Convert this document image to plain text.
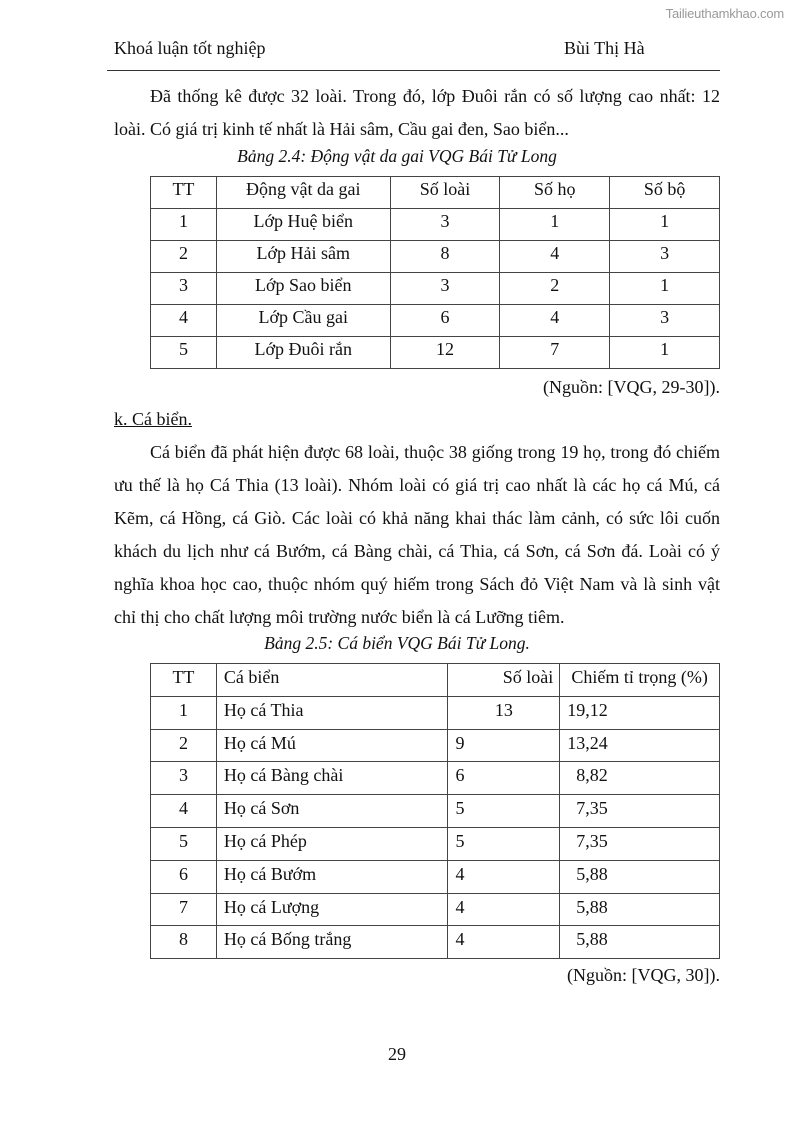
Tailieuthamkhao.com
Khoá luận tốt nghiệp	Bùi Thị Hà
Đã thống kê được 32 loài. Trong đó, lớp Đuôi rắn có số lượng cao nhất: 12 loài. Có giá trị kinh tế nhất là Hải sâm, Cầu gai đen, Sao biển...
Bảng 2.4: Động vật da gai VQG Bái Tử Long
TT	Động vật da gai	Số loài	Số họ	Số bộ
1	Lớp Huệ biển	3	1	1
2	Lớp Hải sâm	8	4	3
3	Lớp Sao biển	3	2	1
4	Lớp Cầu gai	6	4	3
5	Lớp Đuôi rắn	12	7	1
(Nguồn: [VQG, 29-30]).
k. Cá biển.
Cá biển đã phát hiện được 68 loài, thuộc 38 giống trong 19 họ, trong đó chiếm ưu thế là họ Cá Thia (13 loài). Nhóm loài có giá trị cao nhất là các họ cá Mú, cá Kẽm, cá Hồng, cá Giò. Các loài có khả năng khai thác làm cảnh, có sức lôi cuốn khách du lịch như cá Bướm, cá Bàng chài, cá Thia, cá Sơn, cá Sơn đá. Loài có ý nghĩa khoa học cao, thuộc nhóm quý hiếm trong Sách đỏ Việt Nam và là sinh vật chỉ thị cho chất lượng môi trường nước biển là cá Lưỡng tiêm.
Bảng 2.5: Cá biển VQG Bái Tử Long.
TT	Cá biển	Số loài	Chiếm tỉ trọng (%)
1	Họ cá Thia	13	19,12
2	Họ cá Mú	9	13,24
3	Họ cá Bàng chài	6	8,82
4	Họ cá Sơn	5	7,35
5	Họ cá Phép	5	7,35
6	Họ cá Bướm	4	5,88
7	Họ cá Lượng	4	5,88
8	Họ cá Bống trắng	4	5,88
(Nguồn: [VQG, 30]).
29
